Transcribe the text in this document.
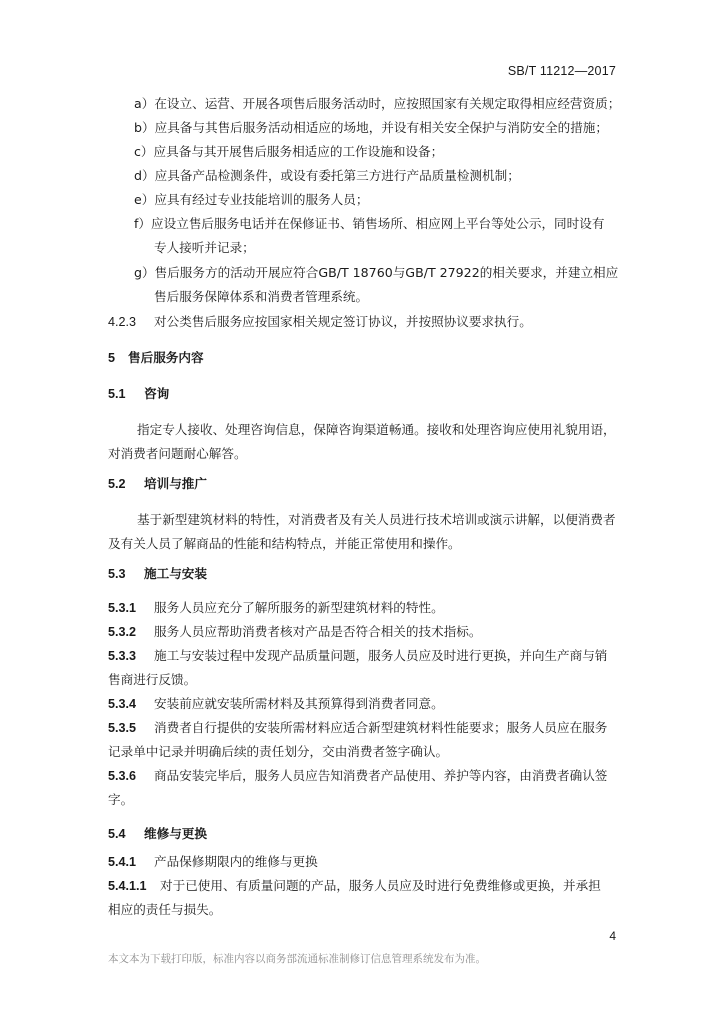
SB/T 11212—2017
a）在设立、运营、开展各项售后服务活动时，应按照国家有关规定取得相应经营资质；
b）应具备与其售后服务活动相适应的场地，并设有相关安全保护与消防安全的措施；
c）应具备与其开展售后服务相适应的工作设施和设备；
d）应具备产品检测条件，或设有委托第三方进行产品质量检测机制；
e）应具有经过专业技能培训的服务人员；
f）应设立售后服务电话并在保修证书、销售场所、相应网上平台等处公示，同时设有
专人接听并记录；
g）售后服务方的活动开展应符合GB/T 18760与GB/T 27922的相关要求，并建立相应
售后服务保障体系和消费者管理系统。
4.2.3 对公类售后服务应按国家相关规定签订协议，并按照协议要求执行。
5 售后服务内容
5.1 咨询
指定专人接收、处理咨询信息，保障咨询渠道畅通。接收和处理咨询应使用礼貌用语，
对消费者问题耐心解答。
5.2 培训与推广
基于新型建筑材料的特性，对消费者及有关人员进行技术培训或演示讲解，以便消费者
及有关人员了解商品的性能和结构特点，并能正常使用和操作。
5.3 施工与安装
5.3.1 服务人员应充分了解所服务的新型建筑材料的特性。
5.3.2 服务人员应帮助消费者核对产品是否符合相关的技术指标。
5.3.3 施工与安装过程中发现产品质量问题，服务人员应及时进行更换，并向生产商与销
售商进行反馈。
5.3.4 安装前应就安装所需材料及其预算得到消费者同意。
5.3.5 消费者自行提供的安装所需材料应适合新型建筑材料性能要求；服务人员应在服务
记录单中记录并明确后续的责任划分，交由消费者签字确认。
5.3.6 商品安装完毕后，服务人员应告知消费者产品使用、养护等内容，由消费者确认签
字。
5.4 维修与更换
5.4.1 产品保修期限内的维修与更换
5.4.1.1 对于已使用、有质量问题的产品，服务人员应及时进行免费维修或更换，并承担
相应的责任与损失。
4
本文本为下载打印版，标准内容以商务部流通标准制修订信息管理系统发布为准。
